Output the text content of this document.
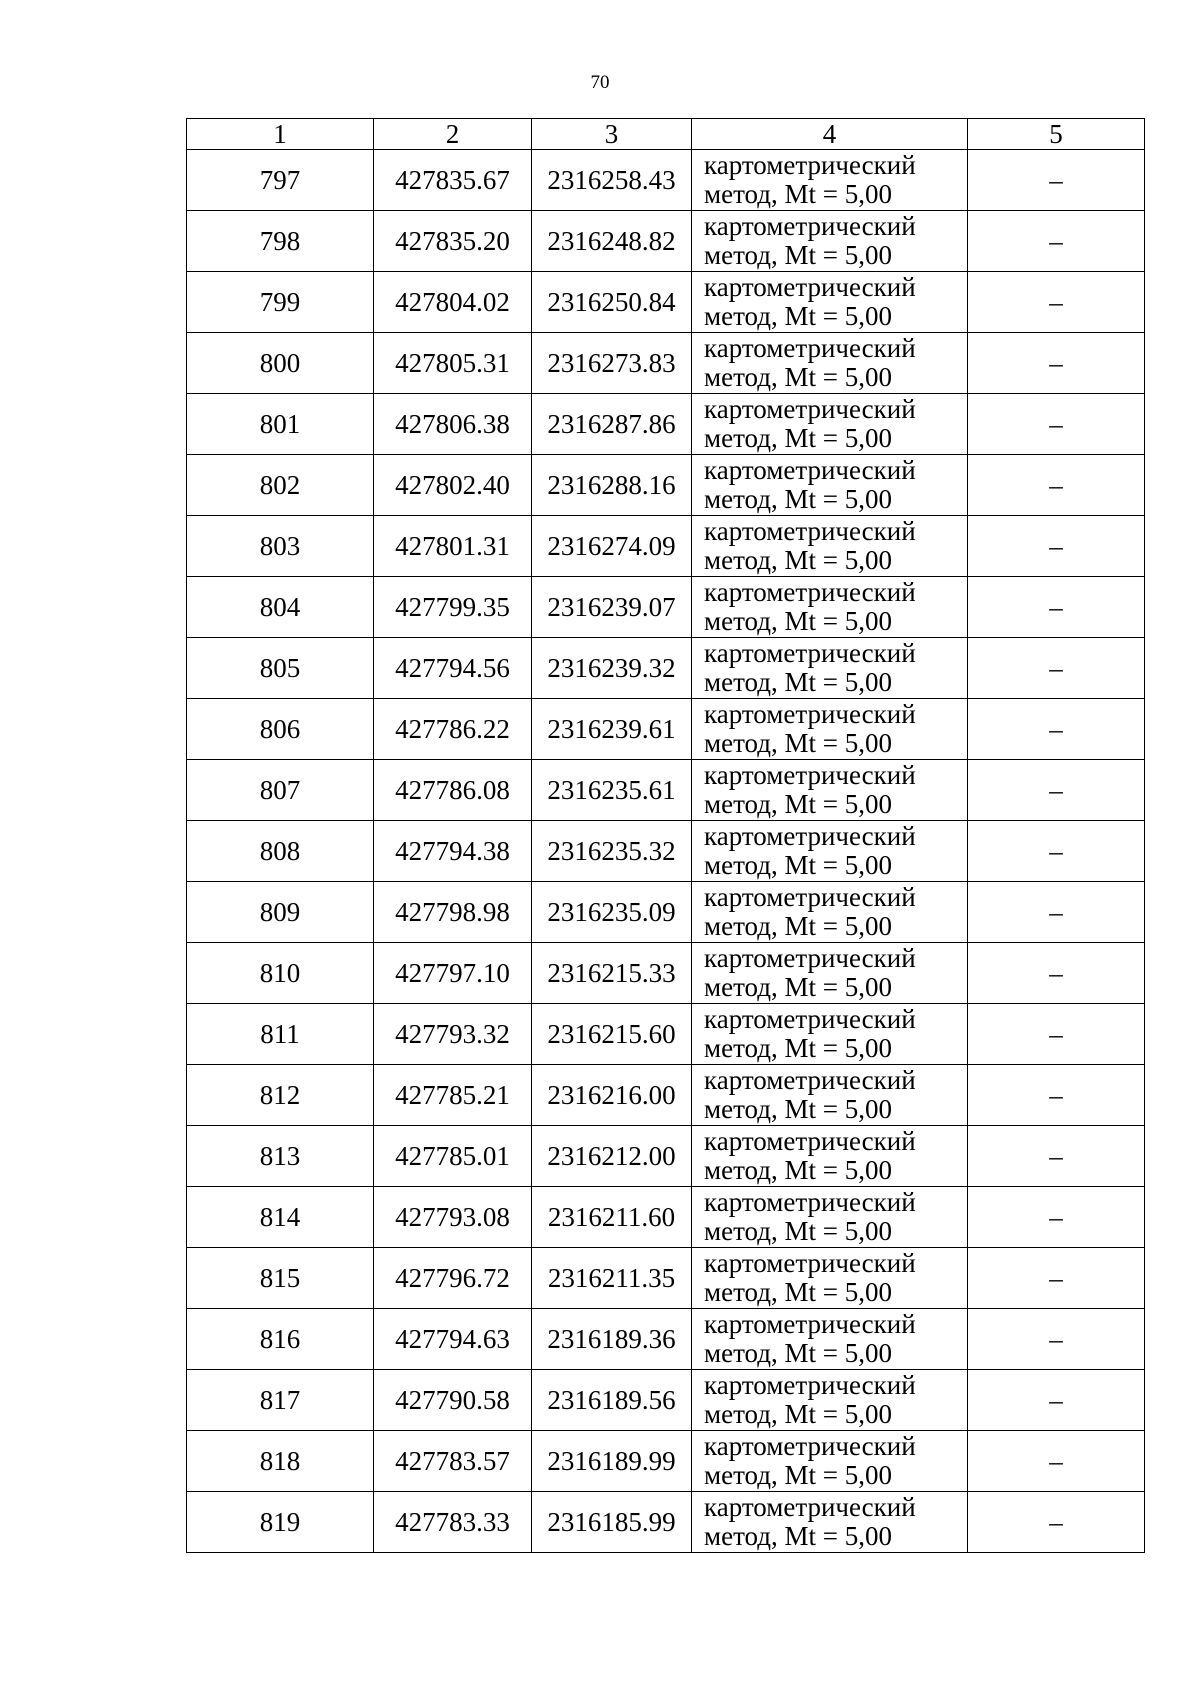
70
1	2	3	4	5
797	427835.67	2316258.43	картометрический
метод, Mt = 5,00	–
798	427835.20	2316248.82	картометрический
метод, Mt = 5,00	–
799	427804.02	2316250.84	картометрический
метод, Mt = 5,00	–
800	427805.31	2316273.83	картометрический
метод, Mt = 5,00	–
801	427806.38	2316287.86	картометрический
метод, Mt = 5,00	–
802	427802.40	2316288.16	картометрический
метод, Mt = 5,00	–
803	427801.31	2316274.09	картометрический
метод, Mt = 5,00	–
804	427799.35	2316239.07	картометрический
метод, Mt = 5,00	–
805	427794.56	2316239.32	картометрический
метод, Mt = 5,00	–
806	427786.22	2316239.61	картометрический
метод, Mt = 5,00	–
807	427786.08	2316235.61	картометрический
метод, Mt = 5,00	–
808	427794.38	2316235.32	картометрический
метод, Mt = 5,00	–
809	427798.98	2316235.09	картометрический
метод, Mt = 5,00	–
810	427797.10	2316215.33	картометрический
метод, Mt = 5,00	–
811	427793.32	2316215.60	картометрический
метод, Mt = 5,00	–
812	427785.21	2316216.00	картометрический
метод, Mt = 5,00	–
813	427785.01	2316212.00	картометрический
метод, Mt = 5,00	–
814	427793.08	2316211.60	картометрический
метод, Mt = 5,00	–
815	427796.72	2316211.35	картометрический
метод, Mt = 5,00	–
816	427794.63	2316189.36	картометрический
метод, Mt = 5,00	–
817	427790.58	2316189.56	картометрический
метод, Mt = 5,00	–
818	427783.57	2316189.99	картометрический
метод, Mt = 5,00	–
819	427783.33	2316185.99	картометрический
метод, Mt = 5,00	–
